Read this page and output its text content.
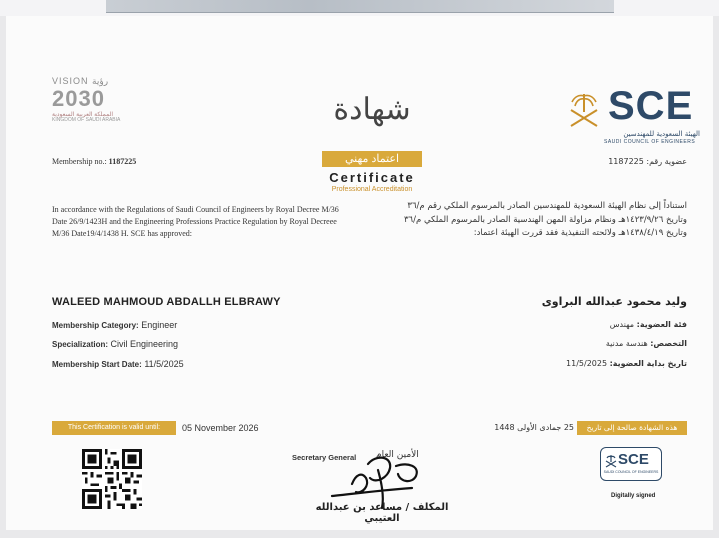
VISION رؤية
2030
المملكة العربية السعودية
KINGDOM OF SAUDI ARABIA	SCE
الهيئة السعودية للمهندسين
SAUDI COUNCIL OF ENGINEERS
شهادة
اعتماد مهني
Certificate
Professional Accreditation
Membership no.: 1187225	عضوية رقم: 1187225
In accordance with the Regulations of Saudi Council of Engineers by Royal Decree M/36 Date 26/9/1423H and the Engineering Professions Practice Regulation by Royal Decreee M/36 Date19/4/1438 H. SCE has approved:
استناداً إلى نظام الهيئة السعودية للمهندسين الصادر بالمرسوم الملكي رقم م/٣٦ وتاريخ ١٤٢٣/٩/٢٦هـ ونظام مزاولة المهن الهندسية الصادر بالمرسوم الملكي م/٣٦ وتاريخ ١٤٣٨/٤/١٩هـ ولائحته التنفيذية فقد قررت الهيئة اعتماد:
WALEED MAHMOUD ABDALLH ELBRAWY
Membership Category: Engineer
Specialization: Civil Engineering
Membership Start Date: 11/5/2025
وليد محمود عبدالله البراوى
فئة العضوية: مهندس
التخصص: هندسة مدنية
تاريخ بداية العضوية: 11/5/2025
This Certification is valid until:	05 November 2026	25 جمادى الأولى 1448	هذه الشهادة صالحة إلى تاريخ
Secretary General الأمين العام
المكلف / مساعد بن عبدالله العتيبي
SCE
SAUDI COUNCIL OF ENGINEERS
Digitally signed
